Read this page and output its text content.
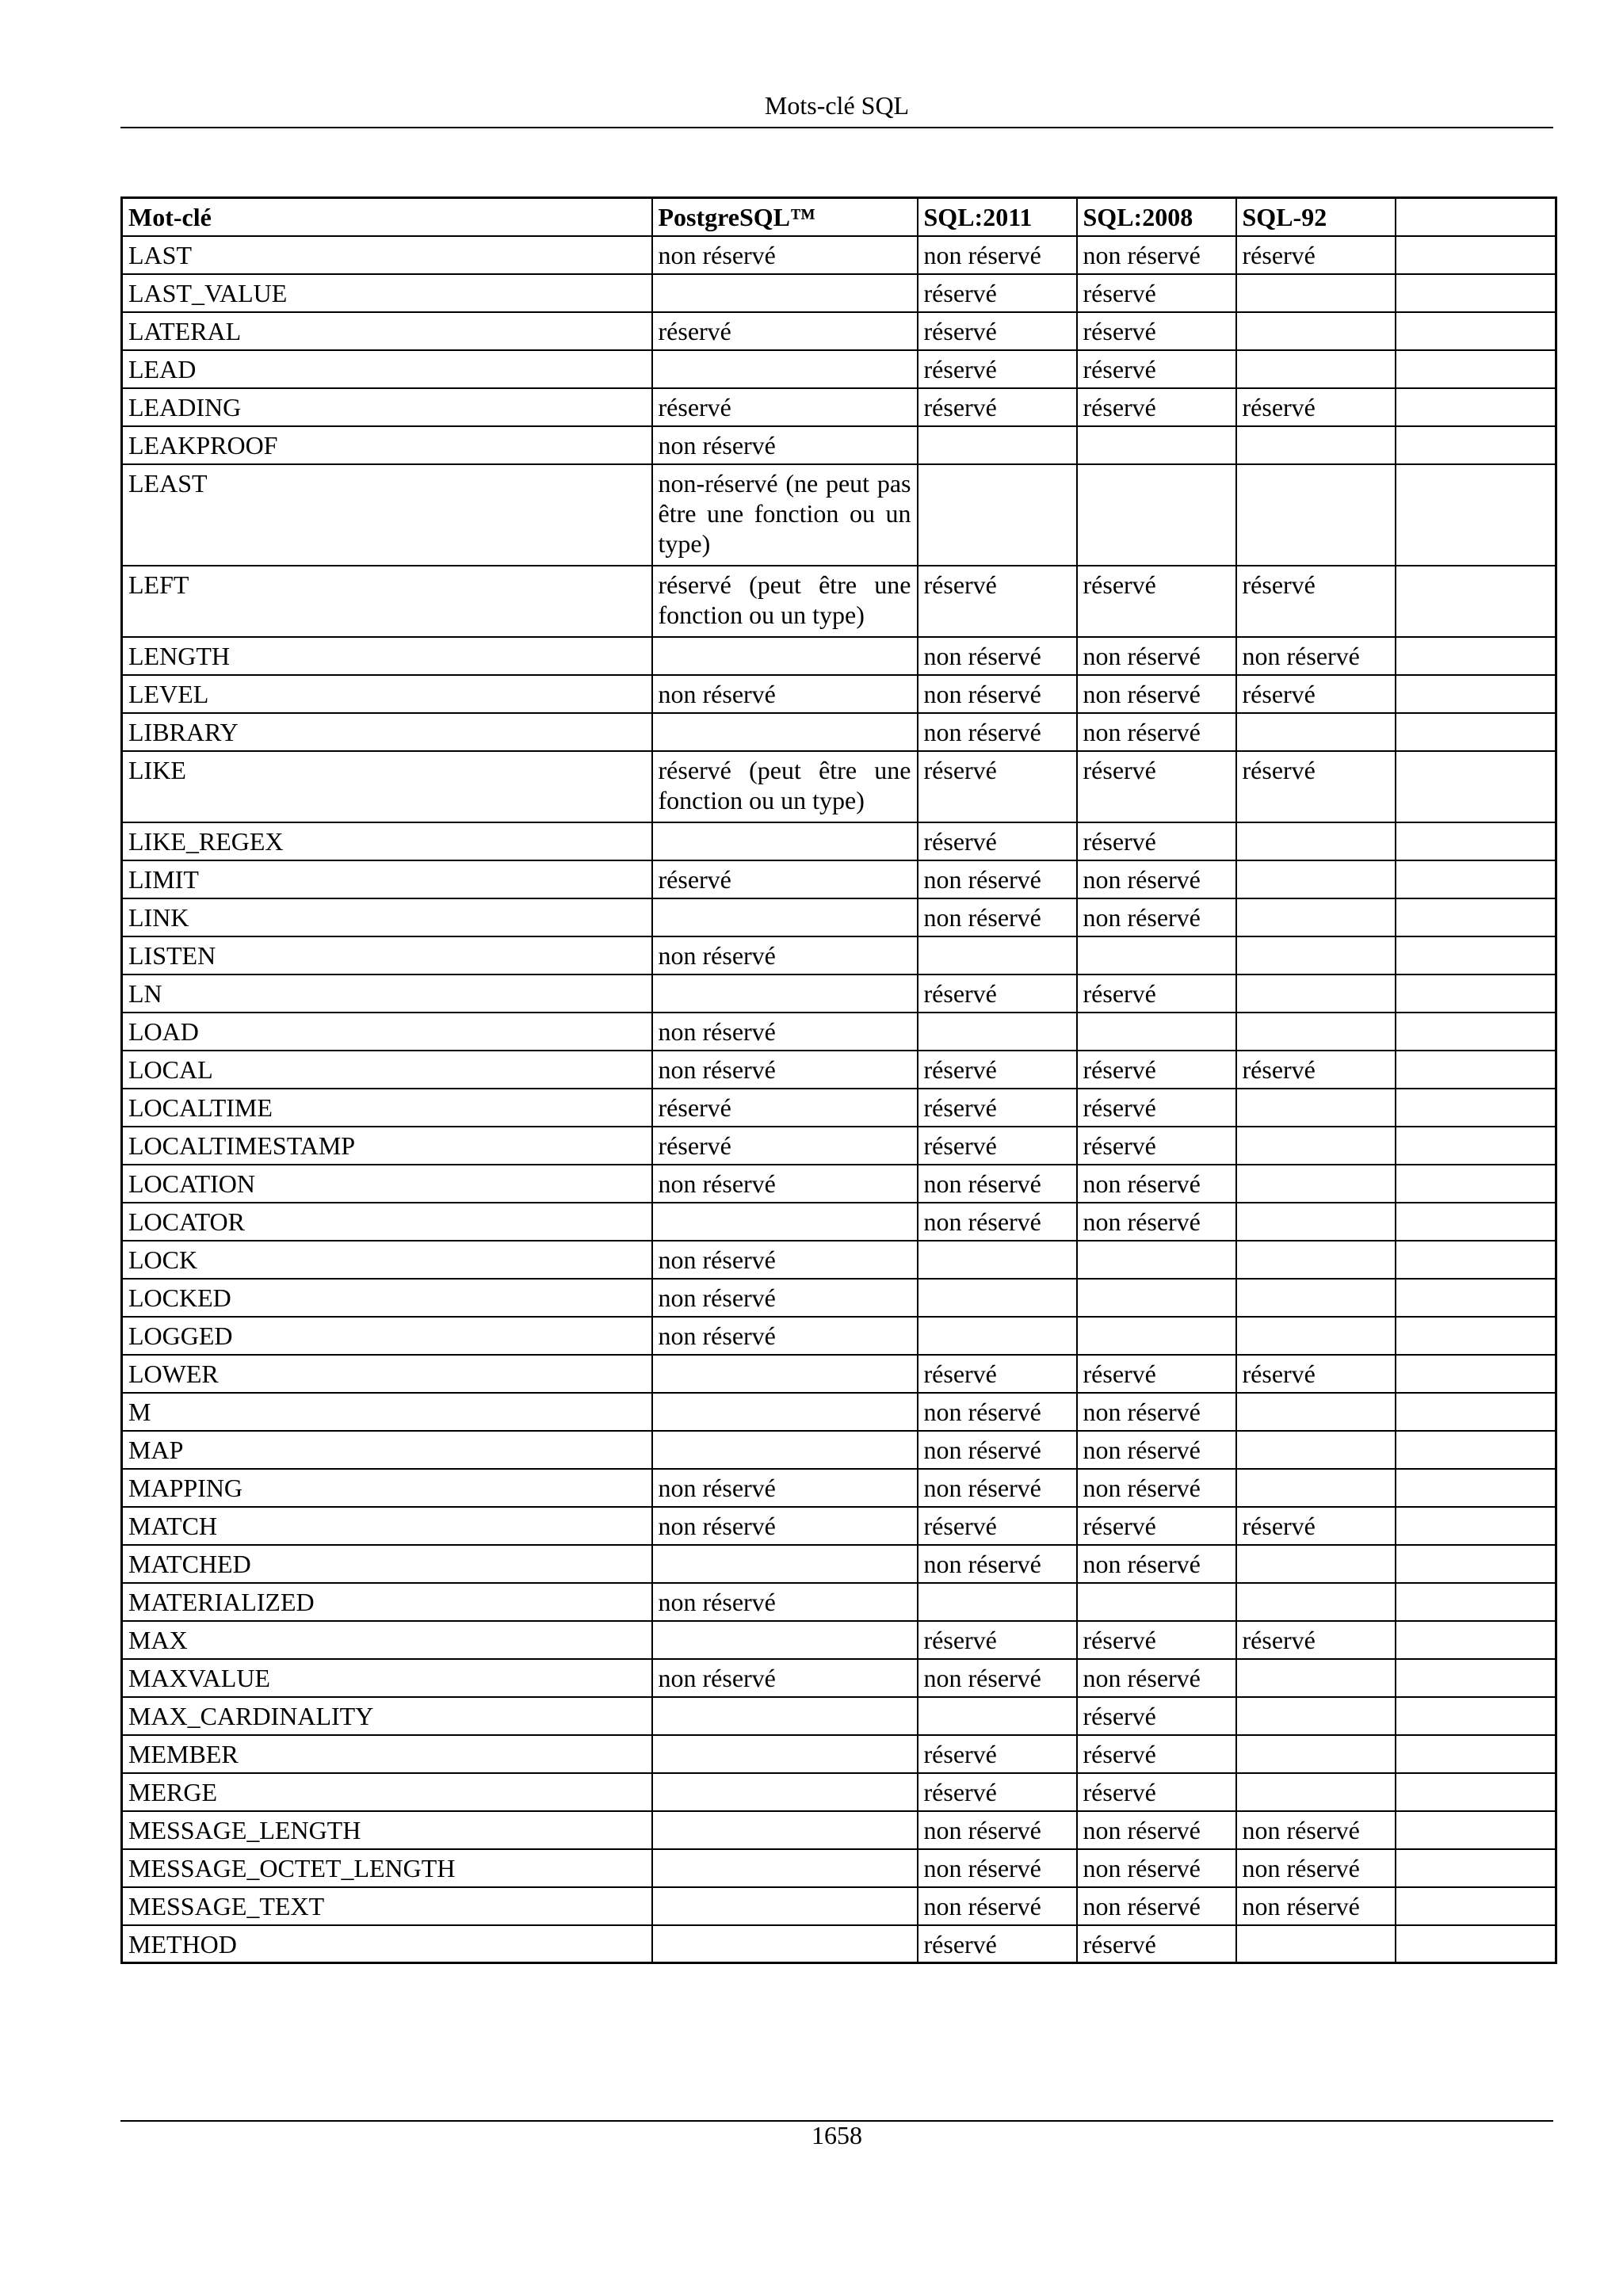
Mots-clé SQL
Mot-clé	PostgreSQL™	SQL:2011	SQL:2008	SQL-92	
LAST	non réservé	non réservé	non réservé	réservé	
LAST_VALUE		réservé	réservé		
LATERAL	réservé	réservé	réservé		
LEAD		réservé	réservé		
LEADING	réservé	réservé	réservé	réservé	
LEAKPROOF	non réservé				
LEAST	non-réservé (ne peut pas être une fonction ou un type)				
LEFT	réservé (peut être une fonction ou un type)	réservé	réservé	réservé	
LENGTH		non réservé	non réservé	non réservé	
LEVEL	non réservé	non réservé	non réservé	réservé	
LIBRARY		non réservé	non réservé		
LIKE	réservé (peut être une fonction ou un type)	réservé	réservé	réservé	
LIKE_REGEX		réservé	réservé		
LIMIT	réservé	non réservé	non réservé		
LINK		non réservé	non réservé		
LISTEN	non réservé				
LN		réservé	réservé		
LOAD	non réservé				
LOCAL	non réservé	réservé	réservé	réservé	
LOCALTIME	réservé	réservé	réservé		
LOCALTIMESTAMP	réservé	réservé	réservé		
LOCATION	non réservé	non réservé	non réservé		
LOCATOR		non réservé	non réservé		
LOCK	non réservé				
LOCKED	non réservé				
LOGGED	non réservé				
LOWER		réservé	réservé	réservé	
M		non réservé	non réservé		
MAP		non réservé	non réservé		
MAPPING	non réservé	non réservé	non réservé		
MATCH	non réservé	réservé	réservé	réservé	
MATCHED		non réservé	non réservé		
MATERIALIZED	non réservé				
MAX		réservé	réservé	réservé	
MAXVALUE	non réservé	non réservé	non réservé		
MAX_CARDINALITY			réservé		
MEMBER		réservé	réservé		
MERGE		réservé	réservé		
MESSAGE_LENGTH		non réservé	non réservé	non réservé	
MESSAGE_OCTET_LENGTH		non réservé	non réservé	non réservé	
MESSAGE_TEXT		non réservé	non réservé	non réservé	
METHOD		réservé	réservé		
1658
